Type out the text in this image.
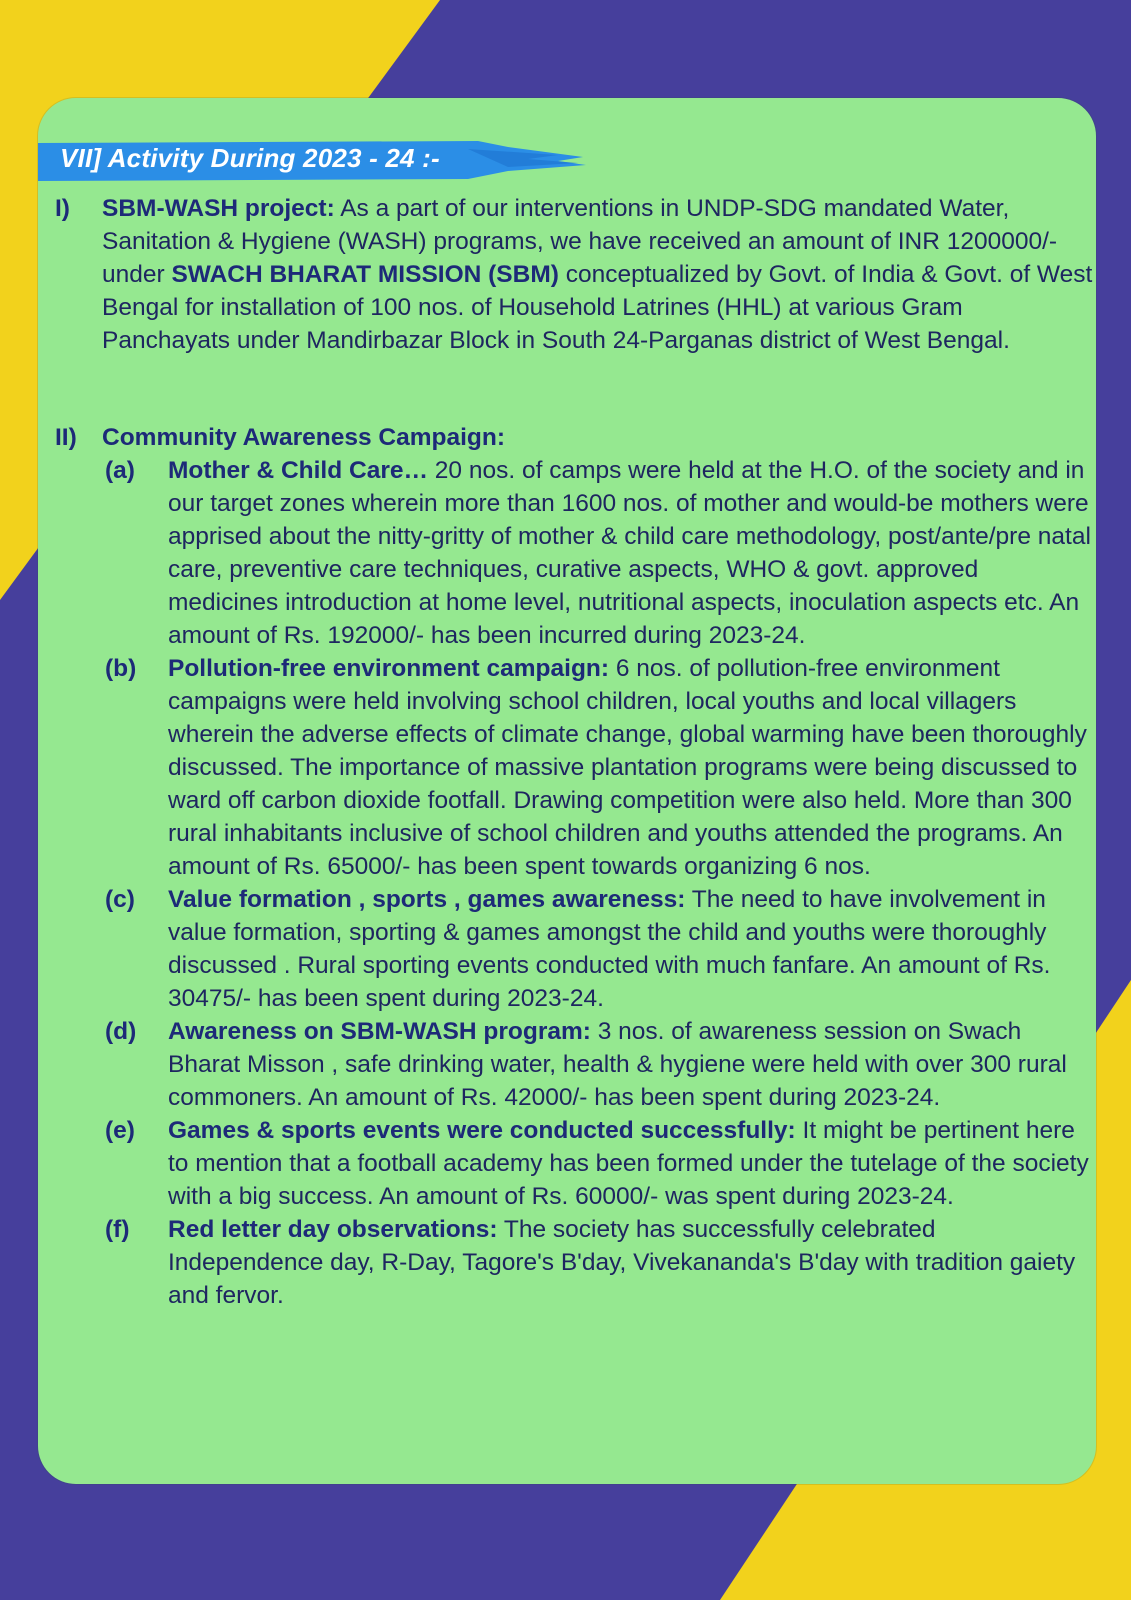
VII] Activity During 2023 - 24 :-
I) SBM-WASH project: As a part of our interventions in UNDP-SDG mandated Water, Sanitation & Hygiene (WASH) programs, we have received an amount of INR 1200000/- under SWACH BHARAT MISSION (SBM) conceptualized by Govt. of India & Govt. of West Bengal for installation of 100 nos. of Household Latrines (HHL) at various Gram Panchayats under Mandirbazar Block in South 24-Parganas district of West Bengal.
II) Community Awareness Campaign:
(a) Mother & Child Care… 20 nos. of camps were held at the H.O. of the society and in our target zones wherein more than 1600 nos. of mother and would-be mothers were apprised about the nitty-gritty of mother & child care methodology, post/ante/pre natal care, preventive care techniques, curative aspects, WHO & govt. approved medicines introduction at home level, nutritional aspects, inoculation aspects etc. An amount of Rs. 192000/- has been incurred during 2023-24.
(b) Pollution-free environment campaign: 6 nos. of pollution-free environment campaigns were held involving school children, local youths and local villagers wherein the adverse effects of climate change, global warming have been thoroughly discussed. The importance of massive plantation programs were being discussed to ward off carbon dioxide footfall. Drawing competition were also held. More than 300 rural inhabitants inclusive of school children and youths attended the programs. An amount of Rs. 65000/- has been spent towards organizing 6 nos.
(c) Value formation , sports , games awareness: The need to have involvement in value formation, sporting & games amongst the child and youths were thoroughly discussed . Rural sporting events conducted with much fanfare. An amount of Rs. 30475/- has been spent during 2023-24.
(d) Awareness on SBM-WASH program: 3 nos. of awareness session on Swach Bharat Misson , safe drinking water, health & hygiene were held with over 300 rural commoners. An amount of Rs. 42000/- has been spent during 2023-24.
(e) Games & sports events were conducted successfully: It might be pertinent here to mention that a football academy has been formed under the tutelage of the society with a big success. An amount of Rs. 60000/- was spent during 2023-24.
(f) Red letter day observations: The society has successfully celebrated Independence day, R-Day, Tagore's B'day, Vivekananda's B'day with tradition gaiety and fervor.
